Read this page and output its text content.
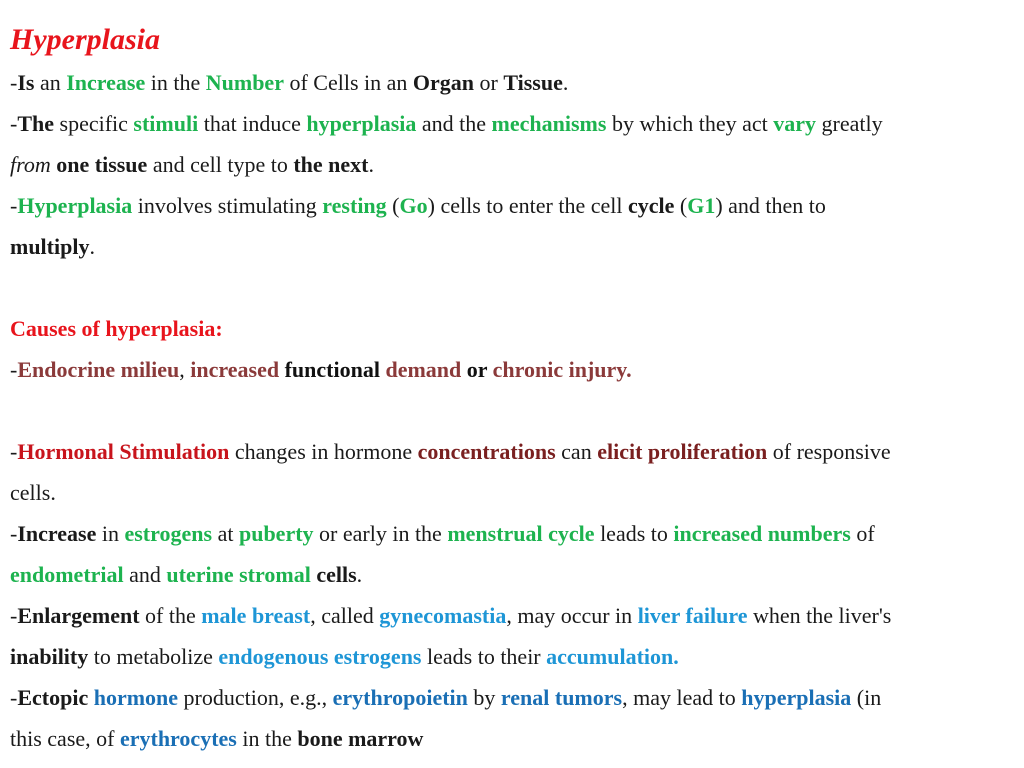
Hyperplasia
-Is an Increase in the Number of Cells in an Organ or Tissue.
-The specific stimuli that induce hyperplasia and the mechanisms by which they act vary greatly
from one tissue and cell type to the next.
-Hyperplasia involves stimulating resting (Go) cells to enter the cell cycle (G1) and then to
multiply.
Causes of hyperplasia:
-Endocrine milieu, increased functional demand or chronic injury.
-Hormonal Stimulation changes in hormone concentrations can elicit proliferation of responsive
cells.
-Increase in estrogens at puberty or early in the menstrual cycle leads to increased numbers of
endometrial and uterine stromal cells.
-Enlargement of the male breast, called gynecomastia, may occur in liver failure when the liver's
inability to metabolize endogenous estrogens leads to their accumulation.
-Ectopic hormone production, e.g., erythropoietin by renal tumors, may lead to hyperplasia (in
this case, of erythrocytes in the bone marrow
